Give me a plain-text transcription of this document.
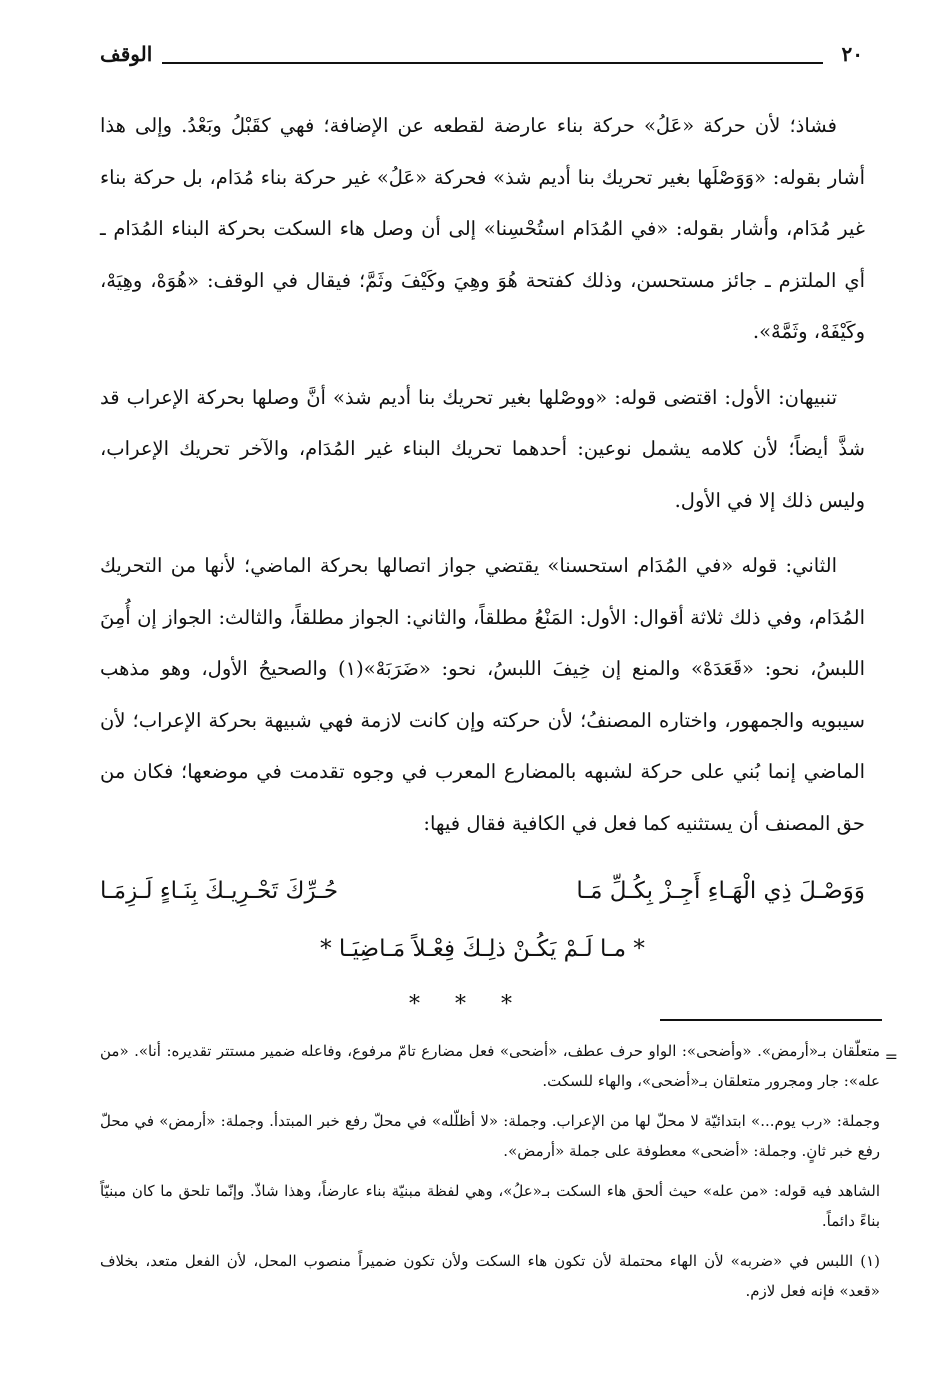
٢٠
الوقف

فشاذ؛ لأن حركة «عَلُ» حركة بناء عارضة لقطعه عن الإضافة؛ فهي كقَبْلُ وبَعْدُ. وإلى هذا أشار بقوله: «وَوَصْلَها بغير تحريك بنا أديم شذ» فحركة «عَلُ» غير حركة بناء مُدَام، بل حركة بناء غير مُدَام، وأشار بقوله: «في المُدَام استُحْسِنا» إلى أن وصل هاء السكت بحركة البناء المُدَام ـ أي الملتزم ـ جائز مستحسن، وذلك كفتحة هُوَ وهِيَ وكَيْفَ وثَمَّ؛ فيقال في الوقف: «هُوَهْ، وهِيَهْ، وكَيْفَهْ، وثَمَّهْ».

تنبيهان: الأول: اقتضى قوله: «ووصْلها بغير تحريك بنا أديم شذ» أنَّ وصلها بحركة الإعراب قد شذَّ أيضاً؛ لأن كلامه يشمل نوعين: أحدهما تحريك البناء غير المُدَام، والآخر تحريك الإعراب، وليس ذلك إلا في الأول.

الثاني: قوله «في المُدَام استحسنا» يقتضي جواز اتصالها بحركة الماضي؛ لأنها من التحريك المُدَام، وفي ذلك ثلاثة أقوال: الأول: المَنْعُ مطلقاً، والثاني: الجواز مطلقاً، والثالث: الجواز إن أُمِنَ اللبسُ، نحو: «قَعَدَهْ» والمنع إن خِيفَ اللبسُ، نحو: «ضَرَبَهْ»(١) والصحيحُ الأول، وهو مذهب سيبويه والجمهور، واختاره المصنفُ؛ لأن حركته وإن كانت لازمة فهي شبيهة بحركة الإعراب؛ لأن الماضي إنما بُني على حركة لشبهه بالمضارع المعرب في وجوه تقدمت في موضعها؛ فكان من حق المصنف أن يستثنيه كما فعل في الكافية فقال فيها:

وَوَصْـلَ ذِي الْهَـاءِ أَجِـزْ بِكُـلِّ مَـا
حُـرِّكَ تَحْـرِيـكَ بِنَـاءٍ لَـزِمَـا
* مـا لَـمْ يَكُـنْ ذلِـكَ فِعْـلاً مَـاضِيَـا *
* * *
=

متعلّقان بـ«أرمض». «وأضحى»: الواو حرف عطف، «أضحى» فعل مضارع تامّ مرفوع، وفاعله ضمير مستتر تقديره: أنا». «من عله»: جار ومجرور متعلقان بـ«أضحى»، والهاء للسكت.

وجملة: «رب يوم...» ابتدائيّة لا محلّ لها من الإعراب. وجملة: «لا أظلّله» في محلّ رفع خبر المبتدأ. وجملة: «أرمض» في محلّ رفع خبر ثانٍ. وجملة: «أضحى» معطوفة على جملة «أرمض».

الشاهد فيه قوله: «من عله» حيث ألحق هاء السكت بـ«علُ»، وهي لفظة مبنيّة بناء عارضاً، وهذا شاذّ. وإنّما تلحق ما كان مبنيّاً بناءً دائماً.

(١) اللبس في «ضربه» لأن الهاء محتملة لأن تكون هاء السكت ولأن تكون ضميراً منصوب المحل، لأن الفعل متعد، بخلاف «قعد» فإنه فعل لازم.
